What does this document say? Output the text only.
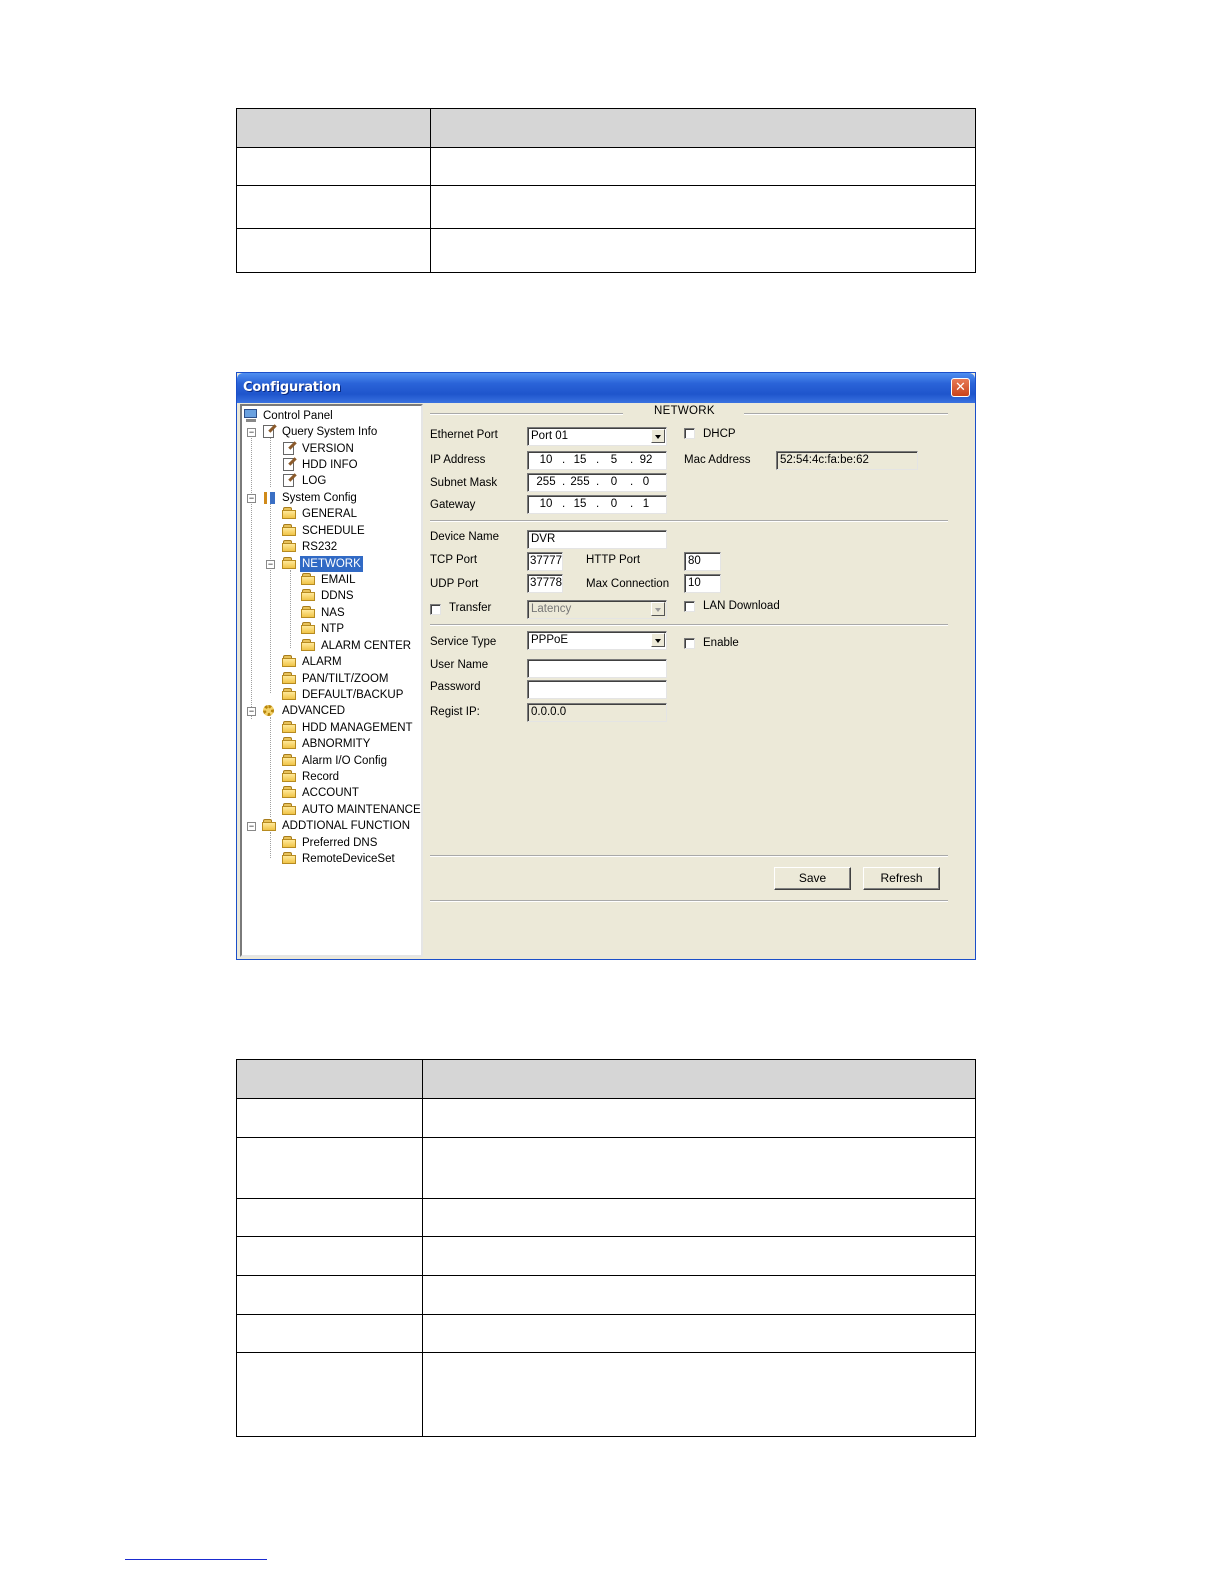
Configuration	✕
Control Panel
−	Query System Info
VERSION
HDD INFO
LOG
−	System Config
GENERAL
SCHEDULE
RS232
−	NETWORK
EMAIL
DDNS
NAS
NTP
ALARM CENTER
ALARM
PAN/TILT/ZOOM
DEFAULT/BACKUP
−	ADVANCED
HDD MANAGEMENT
ABNORMITY
Alarm I/O Config
Record
ACCOUNT
AUTO MAINTENANCE
−	ADDTIONAL FUNCTION
Preferred DNS
RemoteDeviceSet
NETWORK
Ethernet Port	Port 01	DHCP
IP Address	10 . 15 .	5	. 92	Mac Address	52:54:4c:fa:be:62
Subnet Mask	255 . 255 .	0	. 0
Gateway	10 . 15 .	0	. 1
Device Name	DVR
TCP Port	37777 HTTP Port	80
UDP Port	37778 Max Connection	10
Transfer	Latency	LAN Download
Service Type	PPPoE	Enable
User Name
Password
Regist IP:	0.0.0.0
Save	Refresh
